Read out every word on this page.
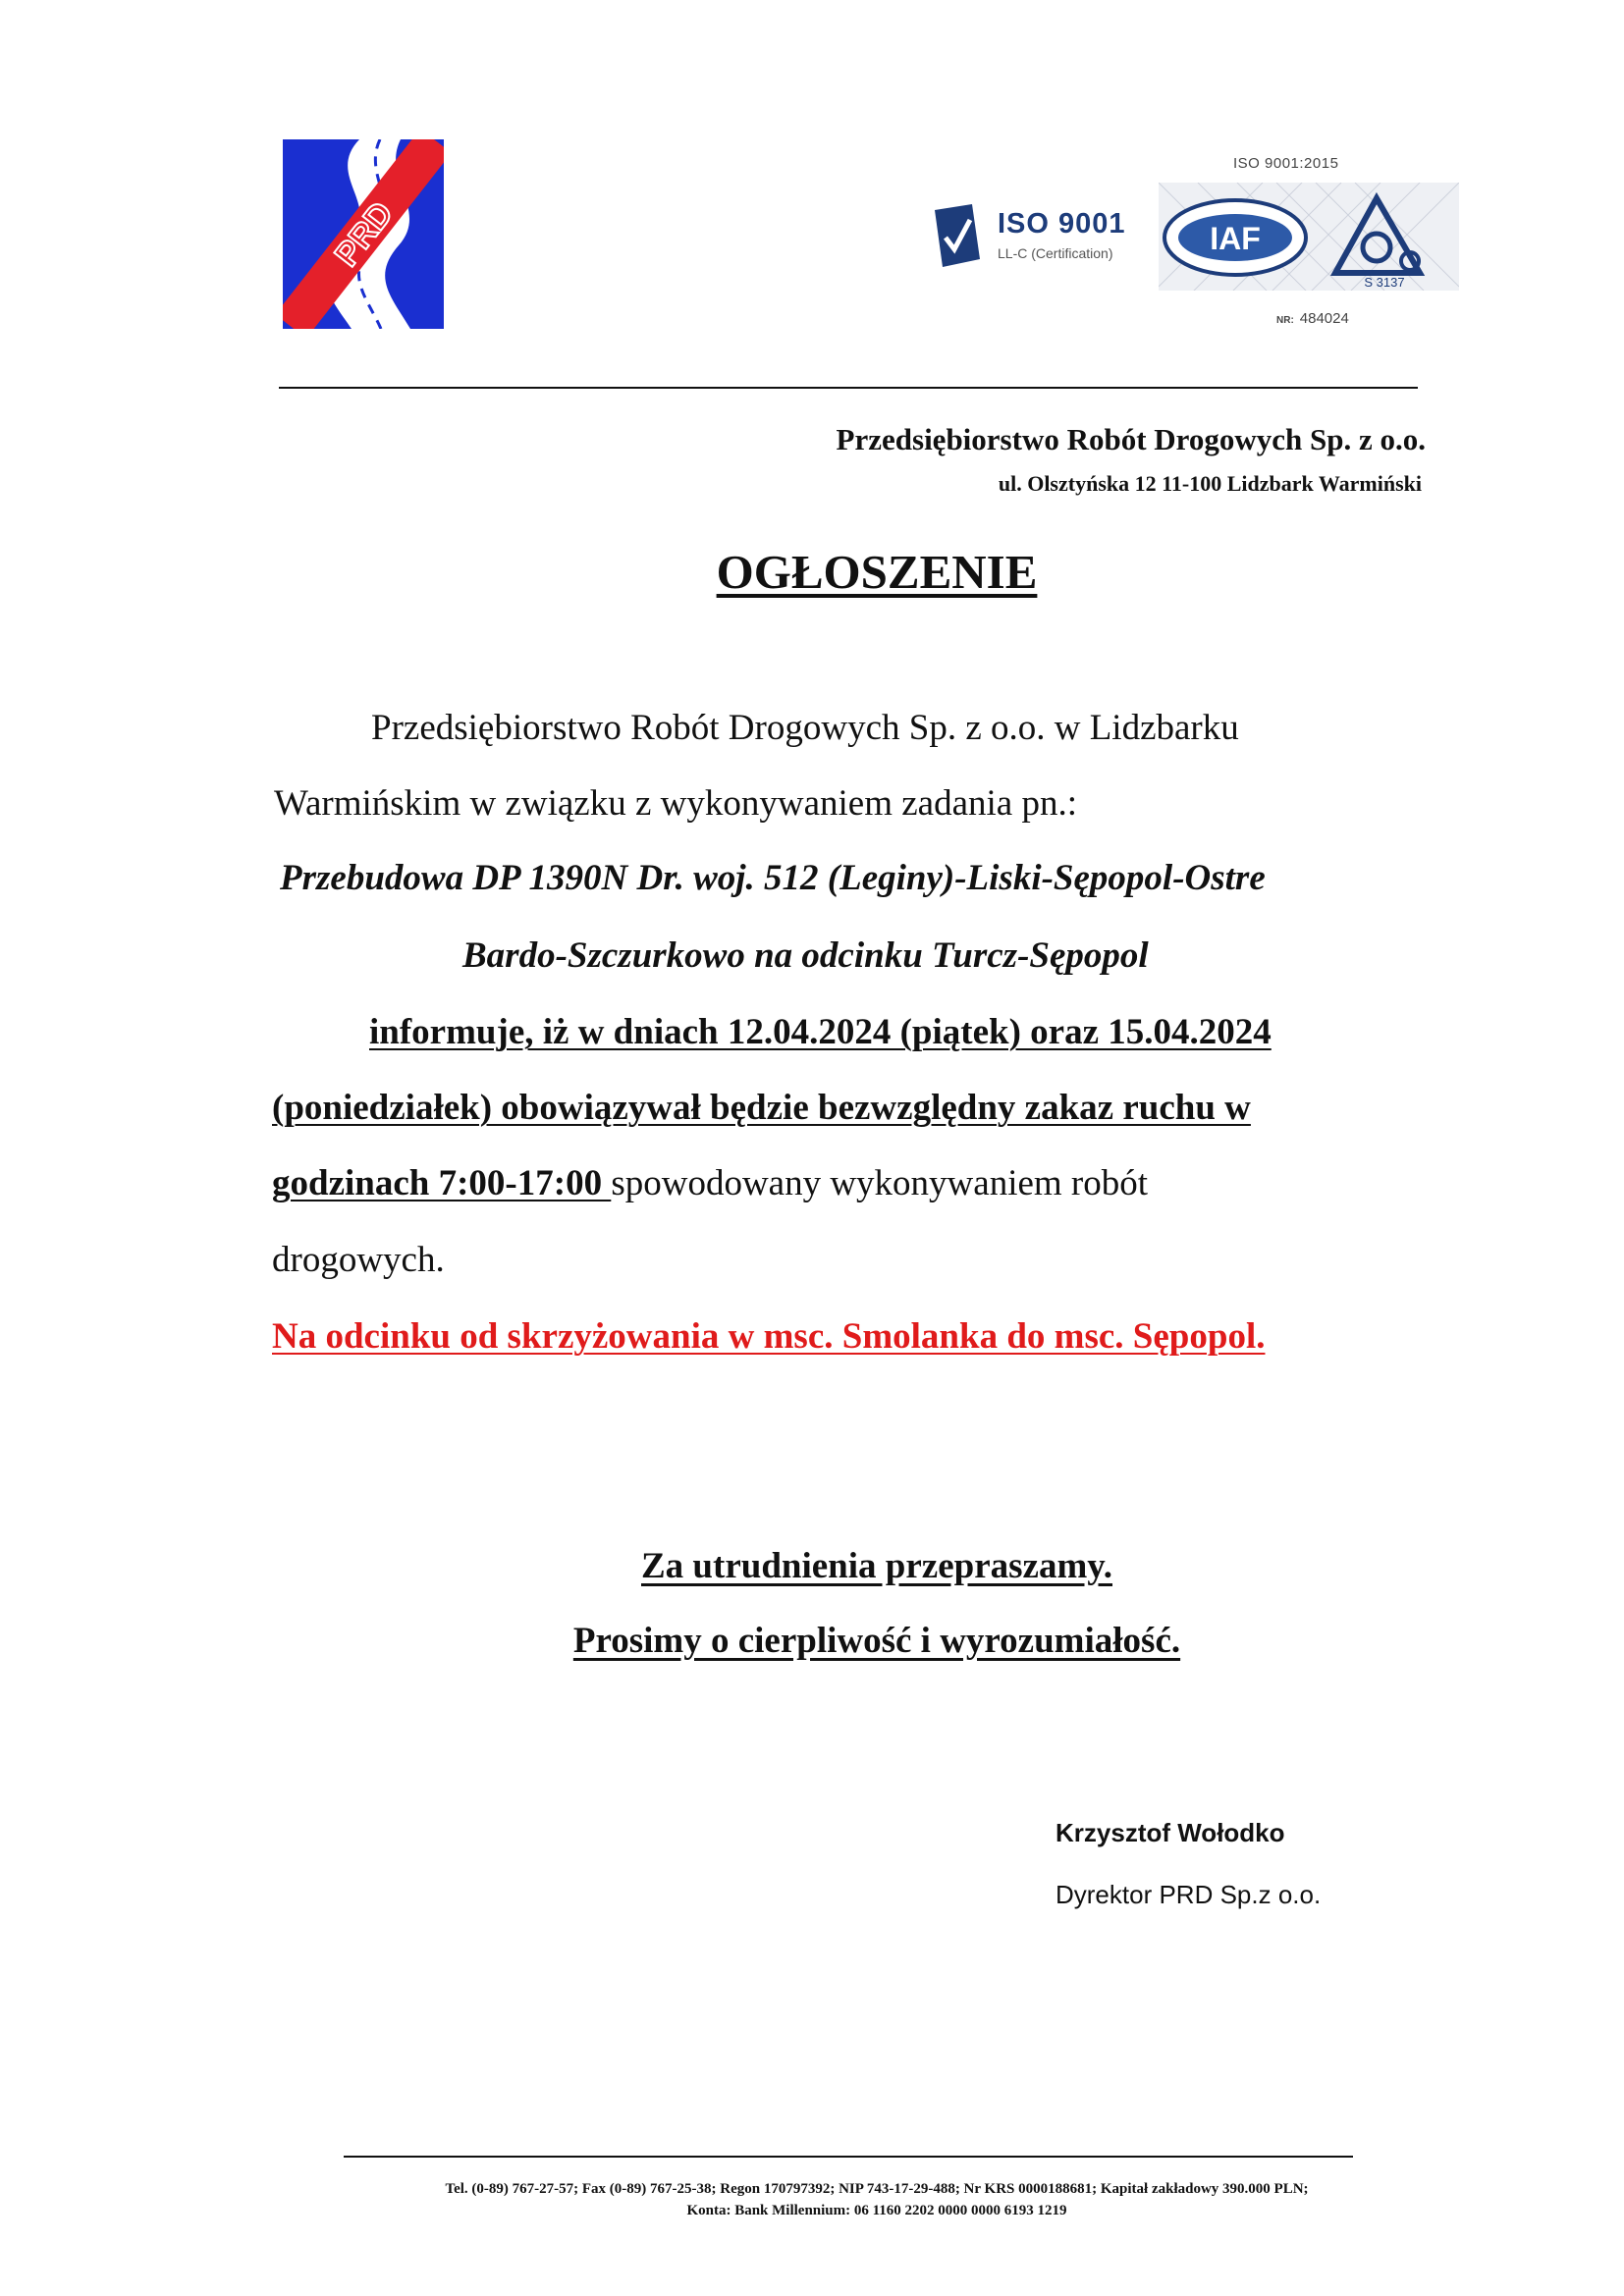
PRD	ISO 9001
LL-C (Certification)
ISO 9001:2015
IAF
S 3137
NR: 484024
Przedsiębiorstwo Robót Drogowych Sp. z o.o.
ul. Olsztyńska 12 11-100 Lidzbark Warmiński
OGŁOSZENIE
Przedsiębiorstwo Robót Drogowych Sp. z o.o. w Lidzbarku
Warmińskim w związku z wykonywaniem zadania pn.:
Przebudowa DP 1390N Dr. woj. 512 (Leginy)-Liski-Sępopol-Ostre
Bardo-Szczurkowo na odcinku Turcz-Sępopol
informuje, iż w dniach 12.04.2024 (piątek) oraz 15.04.2024
(poniedziałek) obowiązywał będzie bezwzględny zakaz ruchu w
godzinach 7:00-17:00 spowodowany wykonywaniem robót
drogowych.
Na odcinku od skrzyżowania w msc. Smolanka do msc. Sępopol.
Za utrudnienia przepraszamy.
Prosimy o cierpliwość i wyrozumiałość.
Krzysztof Wołodko
Dyrektor PRD Sp.z o.o.
Tel. (0-89) 767-27-57; Fax (0-89) 767-25-38; Regon 170797392; NIP 743-17-29-488; Nr KRS 0000188681; Kapitał zakładowy 390.000 PLN;
Konta: Bank Millennium: 06 1160 2202 0000 0000 6193 1219
